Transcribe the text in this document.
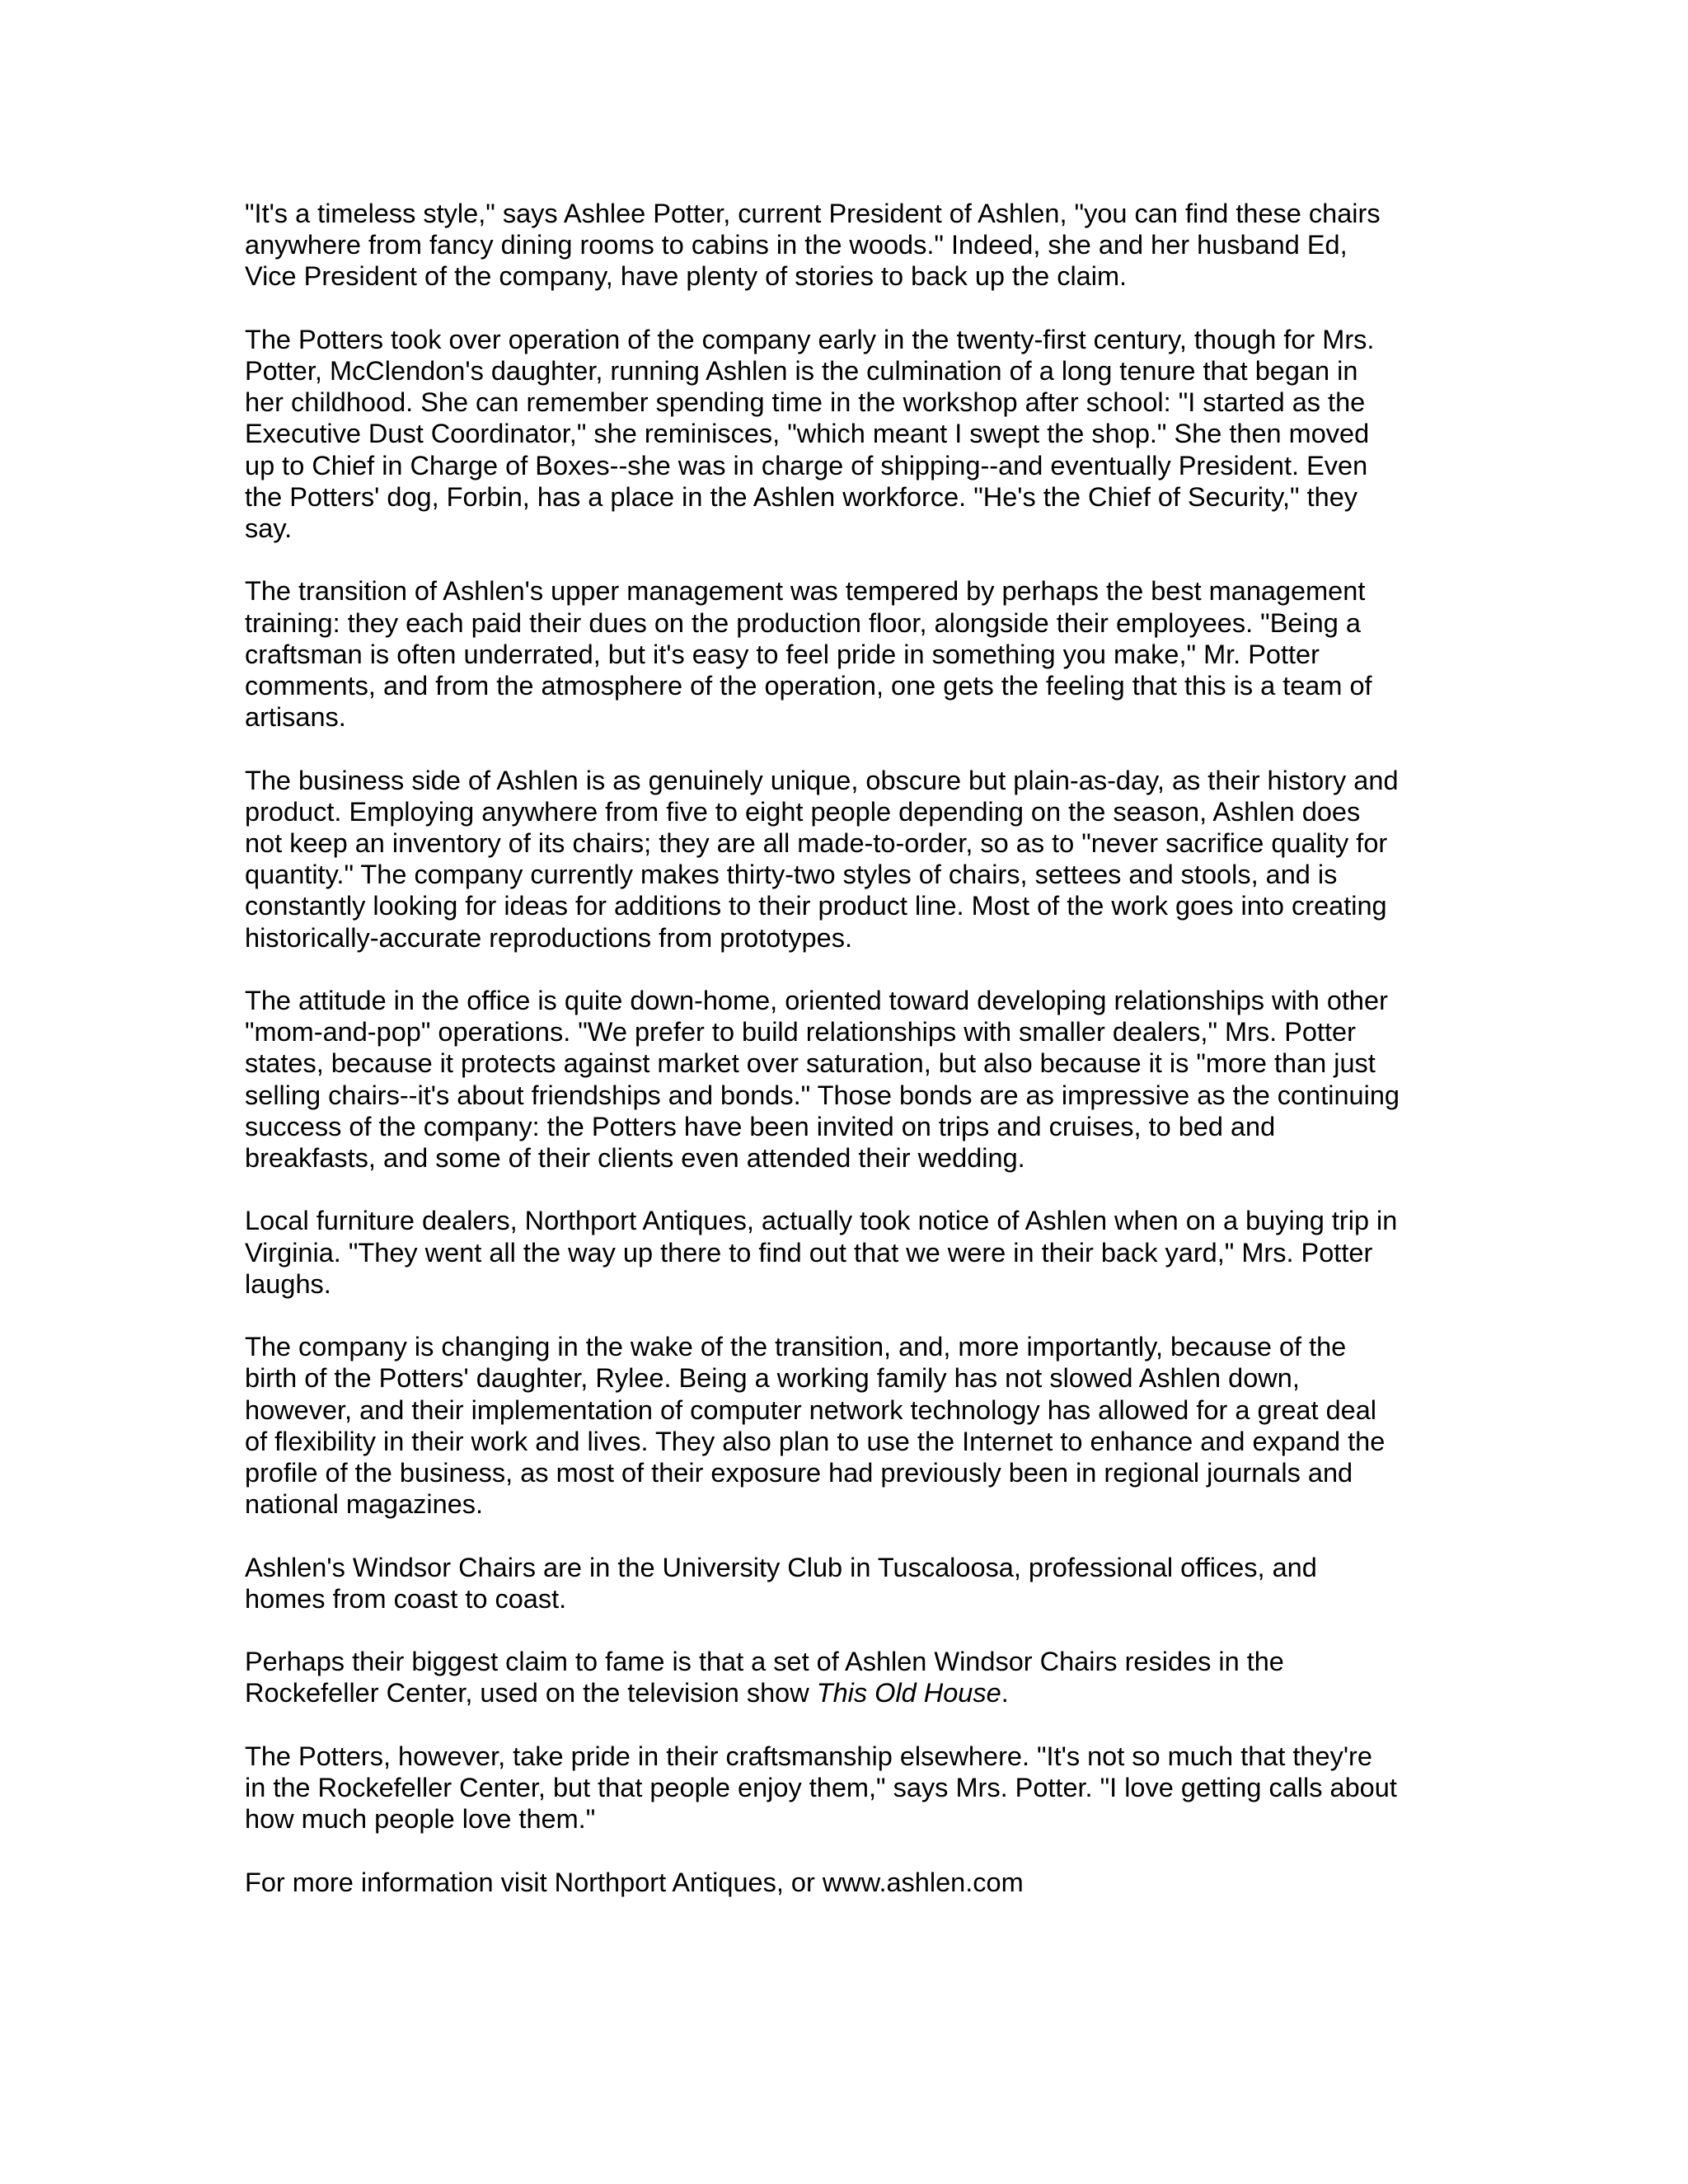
"It's a timeless style," says Ashlee Potter, current President of Ashlen, "you can find these chairs
anywhere from fancy dining rooms to cabins in the woods." Indeed, she and her husband Ed,
Vice President of the company, have plenty of stories to back up the claim.

The Potters took over operation of the company early in the twenty-first century, though for Mrs.
Potter, McClendon's daughter, running Ashlen is the culmination of a long tenure that began in
her childhood. She can remember spending time in the workshop after school: "I started as the
Executive Dust Coordinator," she reminisces, "which meant I swept the shop." She then moved
up to Chief in Charge of Boxes--she was in charge of shipping--and eventually President. Even
the Potters' dog, Forbin, has a place in the Ashlen workforce. "He's the Chief of Security," they
say.

The transition of Ashlen's upper management was tempered by perhaps the best management
training: they each paid their dues on the production floor, alongside their employees. "Being a
craftsman is often underrated, but it's easy to feel pride in something you make," Mr. Potter
comments, and from the atmosphere of the operation, one gets the feeling that this is a team of
artisans.

The business side of Ashlen is as genuinely unique, obscure but plain-as-day, as their history and
product. Employing anywhere from five to eight people depending on the season, Ashlen does
not keep an inventory of its chairs; they are all made-to-order, so as to "never sacrifice quality for
quantity." The company currently makes thirty-two styles of chairs, settees and stools, and is
constantly looking for ideas for additions to their product line. Most of the work goes into creating
historically-accurate reproductions from prototypes.

The attitude in the office is quite down-home, oriented toward developing relationships with other
"mom-and-pop" operations. "We prefer to build relationships with smaller dealers," Mrs. Potter
states, because it protects against market over saturation, but also because it is "more than just
selling chairs--it's about friendships and bonds." Those bonds are as impressive as the continuing
success of the company: the Potters have been invited on trips and cruises, to bed and
breakfasts, and some of their clients even attended their wedding.

Local furniture dealers, Northport Antiques, actually took notice of Ashlen when on a buying trip in
Virginia. "They went all the way up there to find out that we were in their back yard," Mrs. Potter
laughs.

The company is changing in the wake of the transition, and, more importantly, because of the
birth of the Potters' daughter, Rylee. Being a working family has not slowed Ashlen down,
however, and their implementation of computer network technology has allowed for a great deal
of flexibility in their work and lives. They also plan to use the Internet to enhance and expand the
profile of the business, as most of their exposure had previously been in regional journals and
national magazines.

Ashlen's Windsor Chairs are in the University Club in Tuscaloosa, professional offices, and
homes from coast to coast.

Perhaps their biggest claim to fame is that a set of Ashlen Windsor Chairs resides in the
Rockefeller Center, used on the television show This Old House.

The Potters, however, take pride in their craftsmanship elsewhere. "It's not so much that they're
in the Rockefeller Center, but that people enjoy them," says Mrs. Potter. "I love getting calls about
how much people love them."

For more information visit Northport Antiques, or www.ashlen.com
